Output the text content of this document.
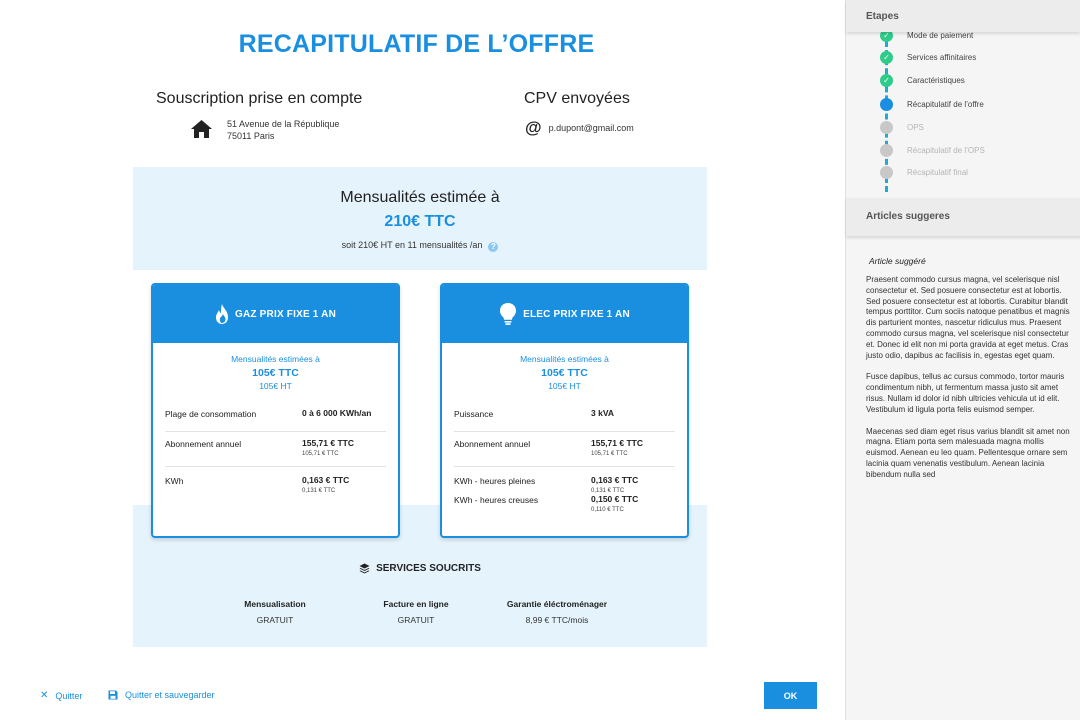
RECAPITULATIF DE L’OFFRE
Souscription prise en compte	CPV envoyées
51 Avenue de la République
75011 Paris	@ p.dupont@gmail.com
Mensualités estimée à
210€ TTC
soit 210€ HT en 11 mensualités /an ?
GAZ PRIX FIXE 1 AN
Mensualités estimées à
105€ TTC
105€ HT
Plage de consommation	0 à 6 000 KWh/an
Abonnement annuel	155,71 € TTC
105,71 € TTC
KWh	0,163 € TTC
0,131 € TTC
ELEC PRIX FIXE 1 AN
Mensualités estimées à
105€ TTC
105€ HT
Puissance	3 kVA
Abonnement annuel	155,71 € TTC
105,71 € TTC
KWh - heures pleines	0,163 € TTC
0,131 € TTC
KWh - heures creuses	0,150 € TTC
0,110 € TTC
SERVICES SOUCRITS
Mensualisation
GRATUIT
Facture en ligne
GRATUIT
Garantie éléctroménager
8,99 € TTC/mois
✕ Quitter	Quitter et sauvegarder	OK
Etapes
✓	Mode de paiement
✓	Services affinitaires
✓	Caractéristiques
Récapitulatif de l’offre
OPS
Récapitulatif de l’OPS
Récapitulatif final
Articles suggeres
Article suggéré

Praesent commodo cursus magna, vel scelerisque nisl consectetur et. Sed posuere consectetur est at lobortis. Sed posuere consectetur est at lobortis. Curabitur blandit tempus porttitor. Cum sociis natoque penatibus et magnis dis parturient montes, nascetur ridiculus mus. Praesent commodo cursus magna, vel scelerisque nisl consectetur et. Donec id elit non mi porta gravida at eget metus. Cras justo odio, dapibus ac facilisis in, egestas eget quam.

Fusce dapibus, tellus ac cursus commodo, tortor mauris condimentum nibh, ut fermentum massa justo sit amet risus. Nullam id dolor id nibh ultricies vehicula ut id elit. Vestibulum id ligula porta felis euismod semper.

Maecenas sed diam eget risus varius blandit sit amet non magna. Etiam porta sem malesuada magna mollis euismod. Aenean eu leo quam. Pellentesque ornare sem lacinia quam venenatis vestibulum. Aenean lacinia bibendum nulla sed
